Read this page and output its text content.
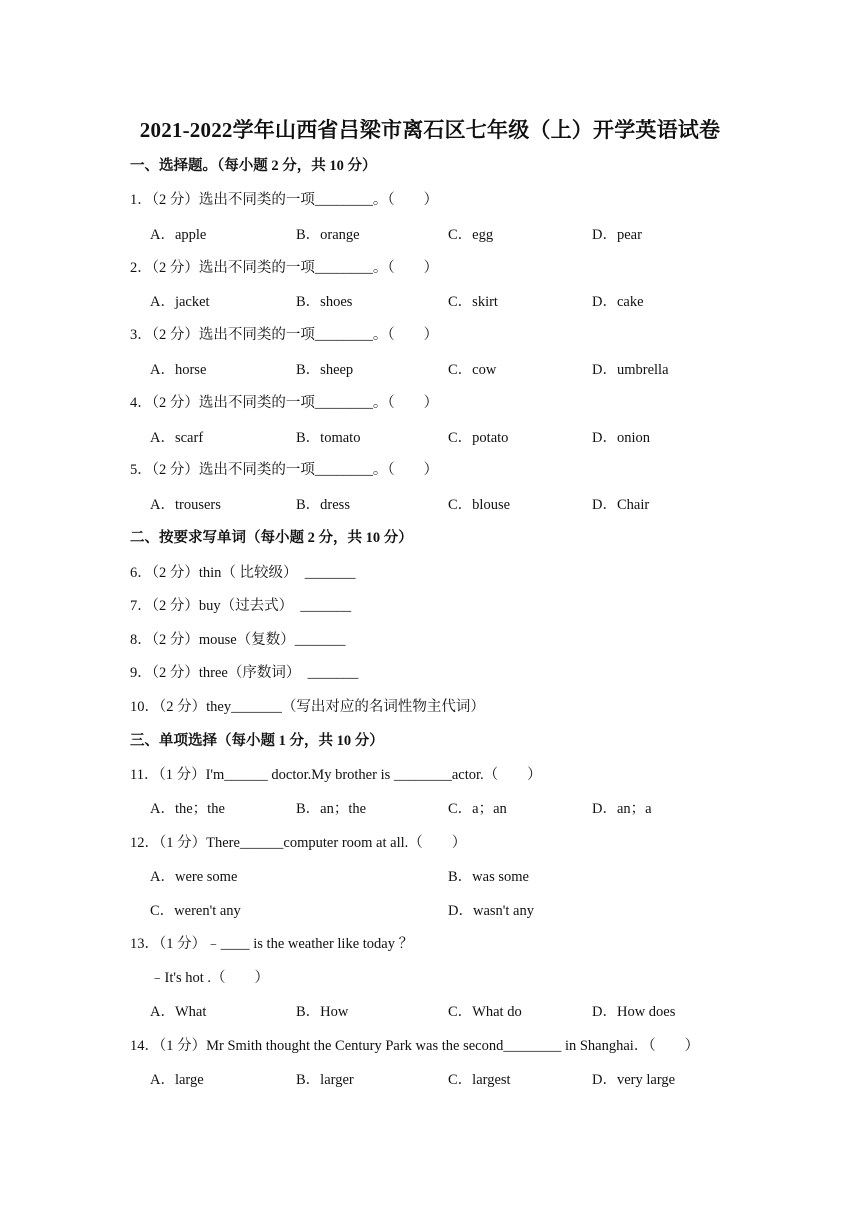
2021-2022学年山西省吕梁市离石区七年级（上）开学英语试卷
一、选择题。（每小题 2 分，共 10 分）
1．（2 分）选出不同类的一项________。（　　）
A．apple	B．orange	C．egg	D．pear
2．（2 分）选出不同类的一项________。（　　）
A．jacket	B．shoes	C．skirt	D．cake
3．（2 分）选出不同类的一项________。（　　）
A．horse	B．sheep	C．cow	D．umbrella
4．（2 分）选出不同类的一项________。（　　）
A．scarf	B．tomato	C．potato	D．onion
5．（2 分）选出不同类的一项________。（　　）
A．trousers	B．dress	C．blouse	D．Chair
二、按要求写单词（每小题 2 分，共 10 分）
6．（2 分）thin（ 比较级）  _______
7．（2 分）buy（过去式）  _______
8．（2 分）mouse（复数）_______
9．（2 分）three（序数词）  _______
10．（2 分）they_______（写出对应的名词性物主代词）
三、单项选择（每小题 1 分，共 10 分）
11．（1 分）I'm______ doctor.My brother is ________actor.（　　）
A．the；the	B．an；the	C．a；an	D．an；a
12．（1 分）There______computer room at all.（　　）
A．were some	B．was some
C．weren't any	D．wasn't any
13．（1 分）﹣____ is the weather like today ？
﹣It's hot .（　　）
A．What	B．How	C．What do	D．How does
14．（1 分）Mr Smith thought the Century Park was the second________ in Shanghai．（　　）
A．large	B．larger	C．largest	D．very large
